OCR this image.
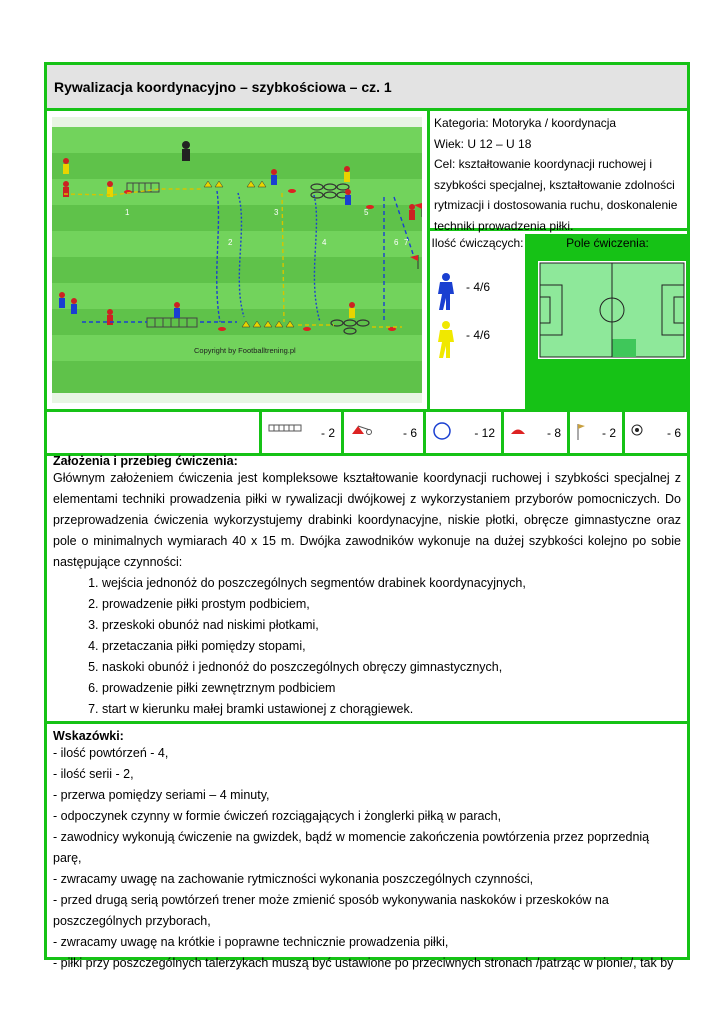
Rywalizacja koordynacyjno – szybkościowa – cz. 1
1
2
3
4
5
6 7
Copyright by Footballtrening.pl
Kategoria: Motoryka / koordynacja
Wiek: U 12 – U 18
Cel: kształtowanie koordynacji ruchowej i szybkości specjalnej, kształtowanie zdolności rytmizacji i dostosowania ruchu, doskonalenie techniki prowadzenia piłki.
Ilość ćwiczących:
- 4/6
- 4/6
Pole ćwiczenia:
- 2	- 6	- 12	- 8	- 2	- 6
Założenia i przebieg ćwiczenia:

Głównym założeniem ćwiczenia jest kompleksowe kształtowanie koordynacji ruchowej i szybkości specjalnej z elementami techniki prowadzenia piłki w rywalizacji dwójkowej z wykorzystaniem przyborów pomocniczych. Do przeprowadzenia ćwiczenia wykorzystujemy drabinki koordynacyjne, niskie płotki, obręcze gimnastyczne oraz pole o minimalnych wymiarach 40 x 15 m. Dwójka zawodników wykonuje na dużej szybkości kolejno po sobie następujące czynności:

1. wejścia jednonóż do poszczególnych segmentów drabinek koordynacyjnych,
2. prowadzenie piłki prostym podbiciem,
3. przeskoki obunóż nad niskimi płotkami,
4. przetaczania piłki pomiędzy stopami,
5. naskoki obunóż i jednonóż do poszczególnych obręczy gimnastycznych,
6. prowadzenie piłki zewnętrznym podbiciem
7. start w kierunku małej bramki ustawionej z chorągiewek.
Wskazówki:
- ilość powtórzeń - 4,
- ilość serii - 2,
- przerwa pomiędzy seriami – 4 minuty,
- odpoczynek czynny w formie ćwiczeń rozciągających i żonglerki piłką w parach,
- zawodnicy wykonują ćwiczenie na gwizdek, bądź w momencie zakończenia powtórzenia przez poprzednią parę,
- zwracamy uwagę na zachowanie rytmiczności wykonania poszczególnych czynności,
- przed drugą serią powtórzeń trener może zmienić sposób wykonywania naskoków i przeskoków na poszczególnych przyborach,
- zwracamy uwagę na krótkie i poprawne technicznie prowadzenia piłki,
- piłki przy poszczególnych talerzykach muszą być ustawione po przeciwnych stronach /patrząc w pionie/, tak by
